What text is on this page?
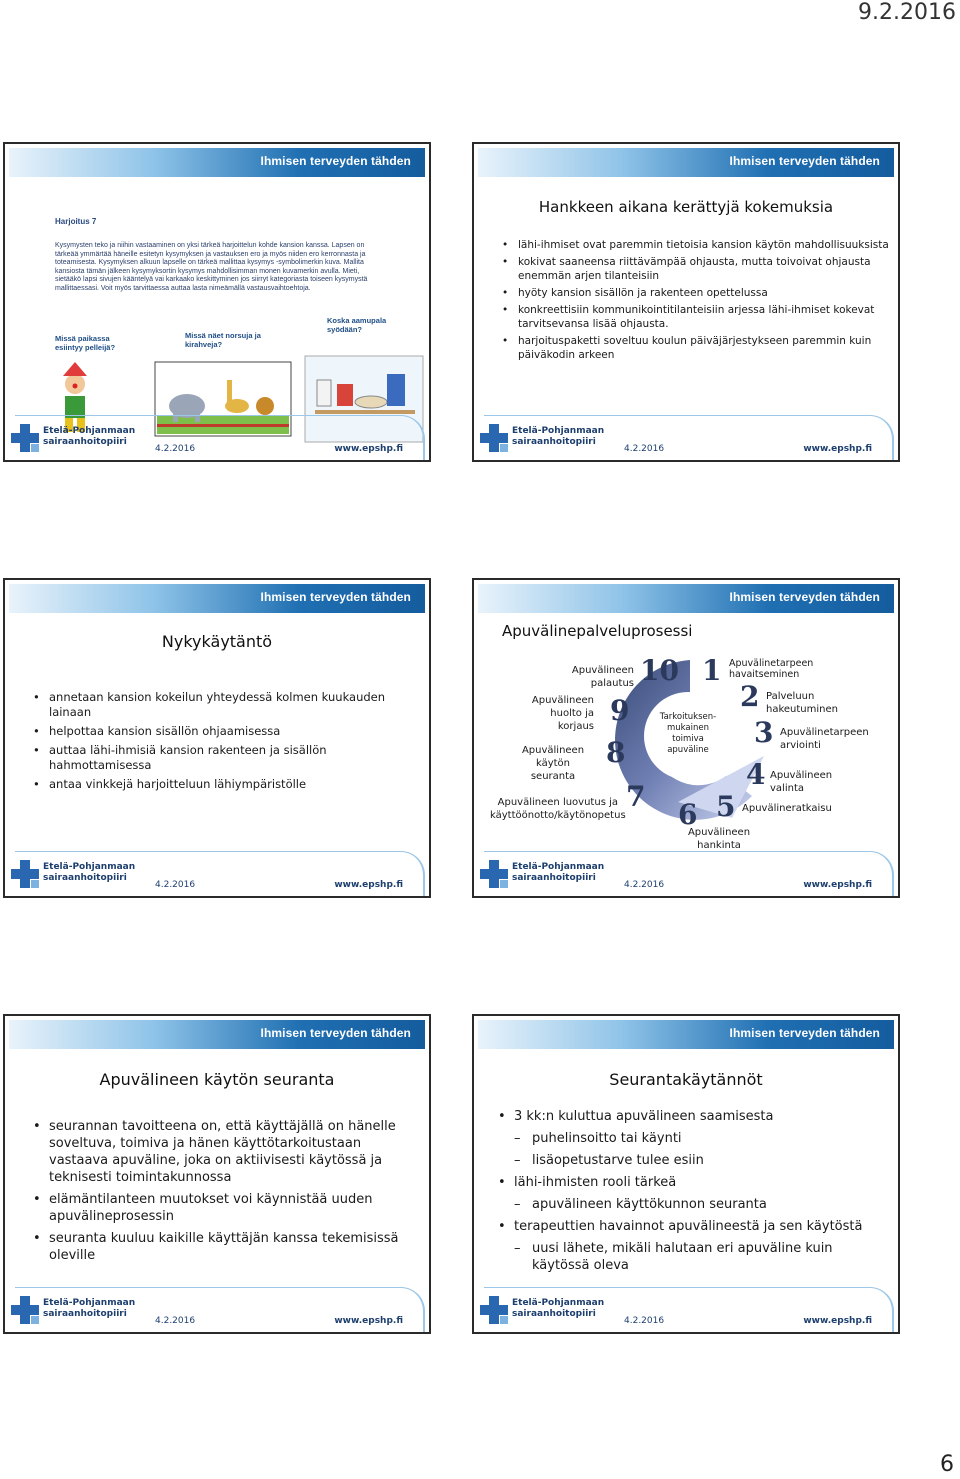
9.2.2016
Ihmisen terveyden tähden
Harjoitus 7
Kysymysten teko ja niihin vastaaminen on yksi tärkeä harjoittelun kohde kansion kanssa. Lapsen on tärkeää ymmärtää häneille esitetyn kysymyksen ja vastauksen ero ja myös niiden ero kerronnasta ja toteamisesta. Kysymyksen alkuun lapselle on tärkeä mallittaa kysymys -symbolimerkin kuva. Mallita kansiosta tämän jälkeen kysymyksortin kysymys mahdollisimman monen kuvamerkin avulla. Mieti, sietääkö lapsi sivujen kääntelyä vai karkaako keskittyminen jos siirryt kategoriasta toiseen kysymystä mallittaessasi. Voit myös tarvittaessa auttaa lasta nimeämällä vastausvaihtoehtoja.
Missä paikassa esiintyy pelleijä?
Missä näet norsuja ja kirahveja?
Koska aamupala syödään?
Etelä-Pohjanmaan
sairaanhoitopiiri
4.2.2016	www.epshp.fi
Ihmisen terveyden tähden
Hankkeen aikana kerättyjä kokemuksia
• lähi-ihmiset ovat paremmin tietoisia kansion käytön mahdollisuuksista
• kokivat saaneensa riittävämpää ohjausta, mutta toivoivat ohjausta enemmän arjen tilanteisiin
• hyöty kansion sisällön ja rakenteen opettelussa
• konkreettisiin kommunikointitilanteisiin arjessa lähi-ihmiset kokevat tarvitsevansa lisää ohjausta.
• harjoituspaketti soveltuu koulun päiväjärjestykseen paremmin kuin päiväkodin arkeen
Etelä-Pohjanmaan
sairaanhoitopiiri
4.2.2016	www.epshp.fi
Ihmisen terveyden tähden
Nykykäytäntö
• annetaan kansion kokeilun yhteydessä kolmen kuukauden lainaan
• helpottaa kansion sisällön ohjaamisessa
• auttaa lähi-ihmisiä kansion rakenteen ja sisällön hahmottamisessa
• antaa vinkkejä harjoitteluun lähiympäristölle
Etelä-Pohjanmaan
sairaanhoitopiiri
4.2.2016	www.epshp.fi
Ihmisen terveyden tähden
Apuvälinepalveluprosessi
Tarkoituksen-mukainen toimiva apuväline
10 1
2
3
4
5
6
7
8
9
Apuvälinetarpeen havaitseminen
Palveluun hakeutuminen
Apuvälinetarpeen arviointi
Apuvälineen valinta
Apuvälineratkaisu
Apuvälineen hankinta
Apuvälineen luovutus ja käyttöönotto/käytönopetus
Apuvälineen käytön seuranta
Apuvälineen huolto ja korjaus
Apuvälineen palautus
Etelä-Pohjanmaan
sairaanhoitopiiri
4.2.2016	www.epshp.fi
Ihmisen terveyden tähden
Apuvälineen käytön seuranta
• seurannan tavoitteena on, että käyttäjällä on hänelle soveltuva, toimiva ja hänen käyttötarkoitustaan vastaava apuväline, joka on aktiivisesti käytössä ja teknisesti toimintakunnossa
• elämäntilanteen muutokset voi käynnistää uuden apuvälineprosessin
• seuranta kuuluu kaikille käyttäjän kanssa tekemisissä oleville
Etelä-Pohjanmaan
sairaanhoitopiiri
4.2.2016	www.epshp.fi
Ihmisen terveyden tähden
Seurantakäytännöt
• 3 kk:n kuluttua apuvälineen saamisesta
– puhelinsoitto tai käynti
– lisäopetustarve tulee esiin
• lähi-ihmisten rooli tärkeä
– apuvälineen käyttökunnon seuranta
• terapeuttien havainnot apuvälineestä ja sen käytöstä
– uusi lähete, mikäli halutaan eri apuväline kuin käytössä oleva
Etelä-Pohjanmaan
sairaanhoitopiiri
4.2.2016	www.epshp.fi
6
